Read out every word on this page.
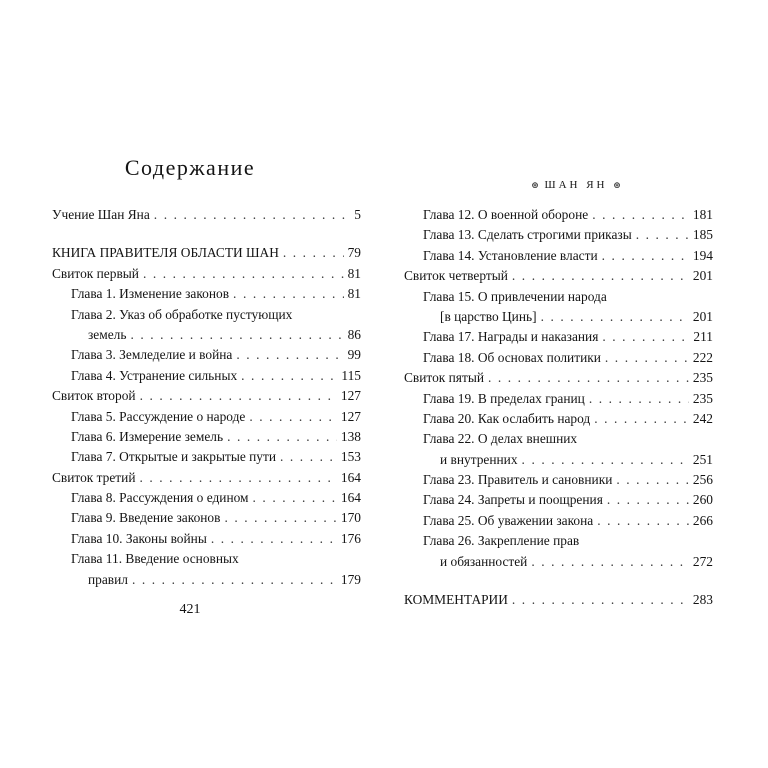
Содержание
Учение Шан Яна . . .	5
КНИГА ПРАВИТЕЛЯ ОБЛАСТИ ШАН . . .	79
Свиток первый . . .	81
Глава 1. Изменение законов . . .	81
Глава 2. Указ об обработке пустующих
земель . . .	86
Глава 3. Земледелие и война . . .	99
Глава 4. Устранение сильных . . .	115
Свиток второй . . .	127
Глава 5. Рассуждение о народе . . .	127
Глава 6. Измерение земель . . .	138
Глава 7. Открытые и закрытые пути . . .	153
Свиток третий . . .	164
Глава 8. Рассуждения о едином . . .	164
Глава 9. Введение законов . . .	170
Глава 10. Законы войны . . .	176
Глава 11. Введение основных
правил . . .	179
421
⊛ ШАН ЯН ⊛
Глава 12. О военной обороне . . .	181
Глава 13. Сделать строгими приказы . . .	185
Глава 14. Установление власти . . .	194
Свиток четвертый . . .	201
Глава 15. О привлечении народа
[в царство Цинь] . . .	201
Глава 17. Награды и наказания . . .	211
Глава 18. Об основах политики . . .	222
Свиток пятый . . .	235
Глава 19. В пределах границ . . .	235
Глава 20. Как ослабить народ . . .	242
Глава 22. О делах внешних
и внутренних . . .	251
Глава 23. Правитель и сановники . . .	256
Глава 24. Запреты и поощрения . . .	260
Глава 25. Об уважении закона . . .	266
Глава 26. Закрепление прав
и обязанностей . . .	272
КОММЕНТАРИИ . . .	283
